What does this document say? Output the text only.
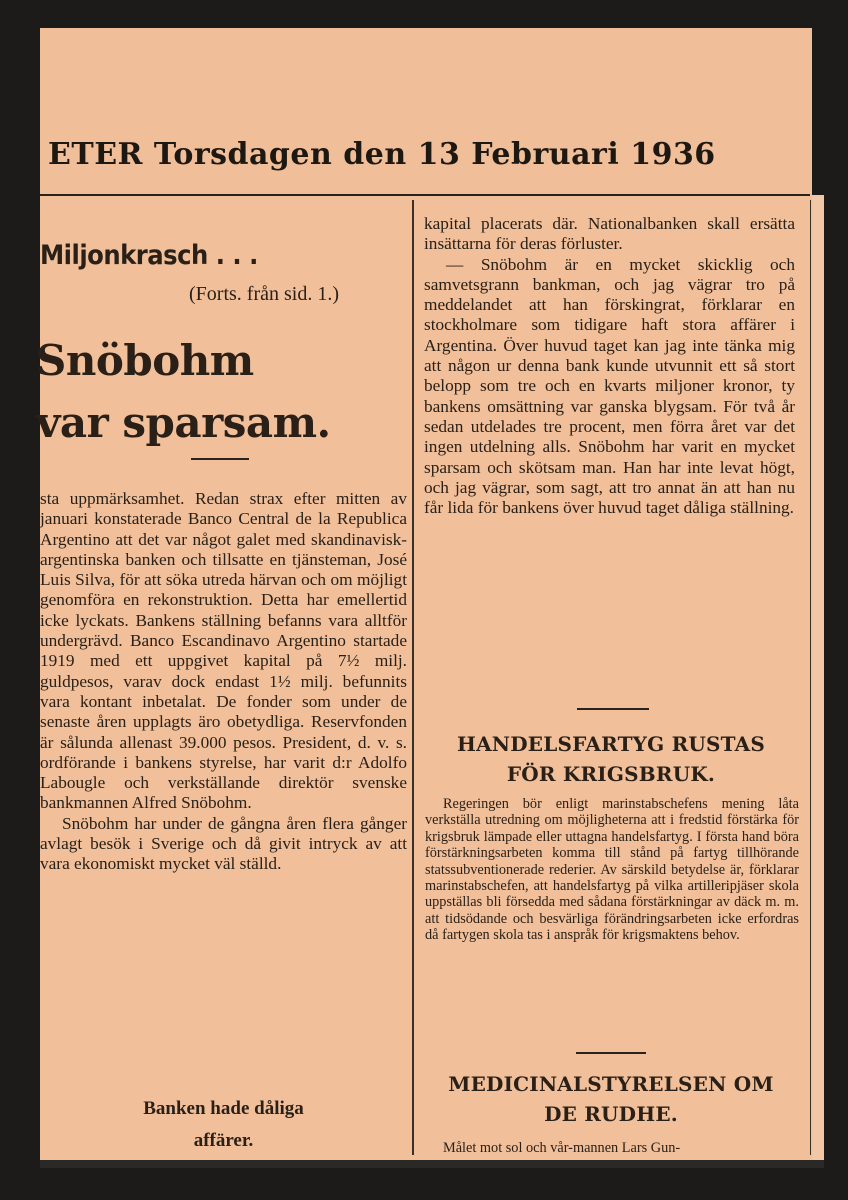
ETER Torsdagen den 13 Februari 1936
Miljonkrasch . . .
(Forts. från sid. 1.)
Snöbohm
var sparsam.

sta uppmärksamhet. Redan strax efter mitten av januari konstaterade Banco Central de la Republica Argentino att det var något galet med skandinavisk-argentinska banken och tillsatte en tjänsteman, José Luis Silva, för att söka utreda härvan och om möjligt genomföra en rekonstruktion. Detta har emellertid icke lyckats. Bankens ställning befanns vara alltför undergrävd. Banco Escandinavo Argentino startade 1919 med ett uppgivet kapital på 7½ milj. guldpesos, varav dock endast 1½ milj. befunnits vara kontant inbetalat. De fonder som under de senaste åren upplagts äro obetydliga. Reservfonden är sålunda allenast 39.000 pesos. President, d. v. s. ordförande i bankens styrelse, har varit d:r Adolfo Labougle och verkställande direktör svenske bankmannen Alfred Snöbohm.

Snöbohm har under de gångna åren flera gånger avlagt besök i Sverige och då givit intryck av att vara ekonomiskt mycket väl ställd.

Banken hade dåliga
affärer.

kapital placerats där. Nationalbanken skall ersätta insättarna för deras förluster.

— Snöbohm är en mycket skicklig och samvetsgrann bankman, och jag vägrar tro på meddelandet att han förskingrat, förklarar en stockholmare som tidigare haft stora affärer i Argentina. Över huvud taget kan jag inte tänka mig att någon ur denna bank kunde utvunnit ett så stort belopp som tre och en kvarts miljoner kronor, ty bankens omsättning var ganska blygsam. För två år sedan utdelades tre procent, men förra året var det ingen utdelning alls. Snöbohm har varit en mycket sparsam och skötsam man. Han har inte levat högt, och jag vägrar, som sagt, att tro annat än att han nu får lida för bankens över huvud taget dåliga ställning.

HANDELSFARTYG RUSTAS
FÖR KRIGSBRUK.

Regeringen bör enligt marinstabschefens mening låta verkställa utredning om möjligheterna att i fredstid förstärka för krigsbruk lämpade eller uttagna handelsfartyg. I första hand böra förstärkningsarbeten komma till stånd på fartyg tillhörande statssubventionerade rederier. Av särskild betydelse är, förklarar marinstabschefen, att handelsfartyg på vilka artilleripjäser skola uppställas bli försedda med sådana förstärkningar av däck m. m. att tidsödande och besvärliga förändringsarbeten icke erfordras då fartygen skola tas i anspråk för krigsmaktens behov.

MEDICINALSTYRELSEN OM
DE RUDHE.

Målet mot sol och vår-mannen Lars Gun-
